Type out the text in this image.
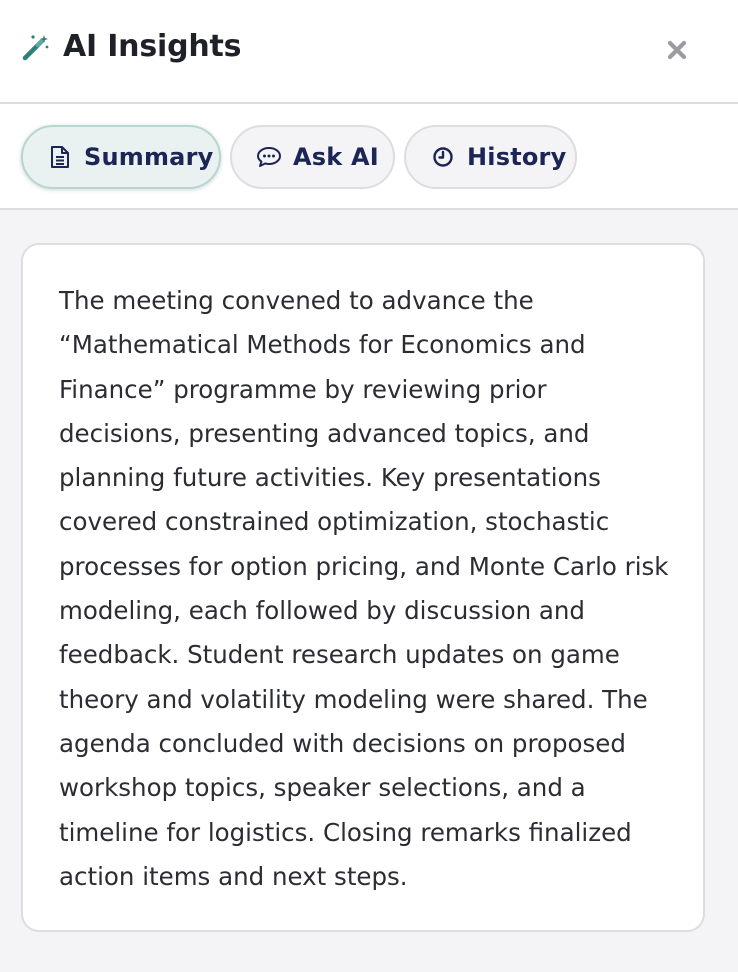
AI Insights
Summary	Ask AI	History

The meeting convened to advance the “Mathematical Methods for Economics and Finance” programme by reviewing prior decisions, presenting advanced topics, and planning future activities. Key presentations covered constrained optimization, stochastic processes for option pricing, and Monte Carlo risk modeling, each followed by discussion and feedback. Student research updates on game theory and volatility modeling were shared. The agenda concluded with decisions on proposed workshop topics, speaker selections, and a timeline for logistics. Closing remarks finalized action items and next steps.
